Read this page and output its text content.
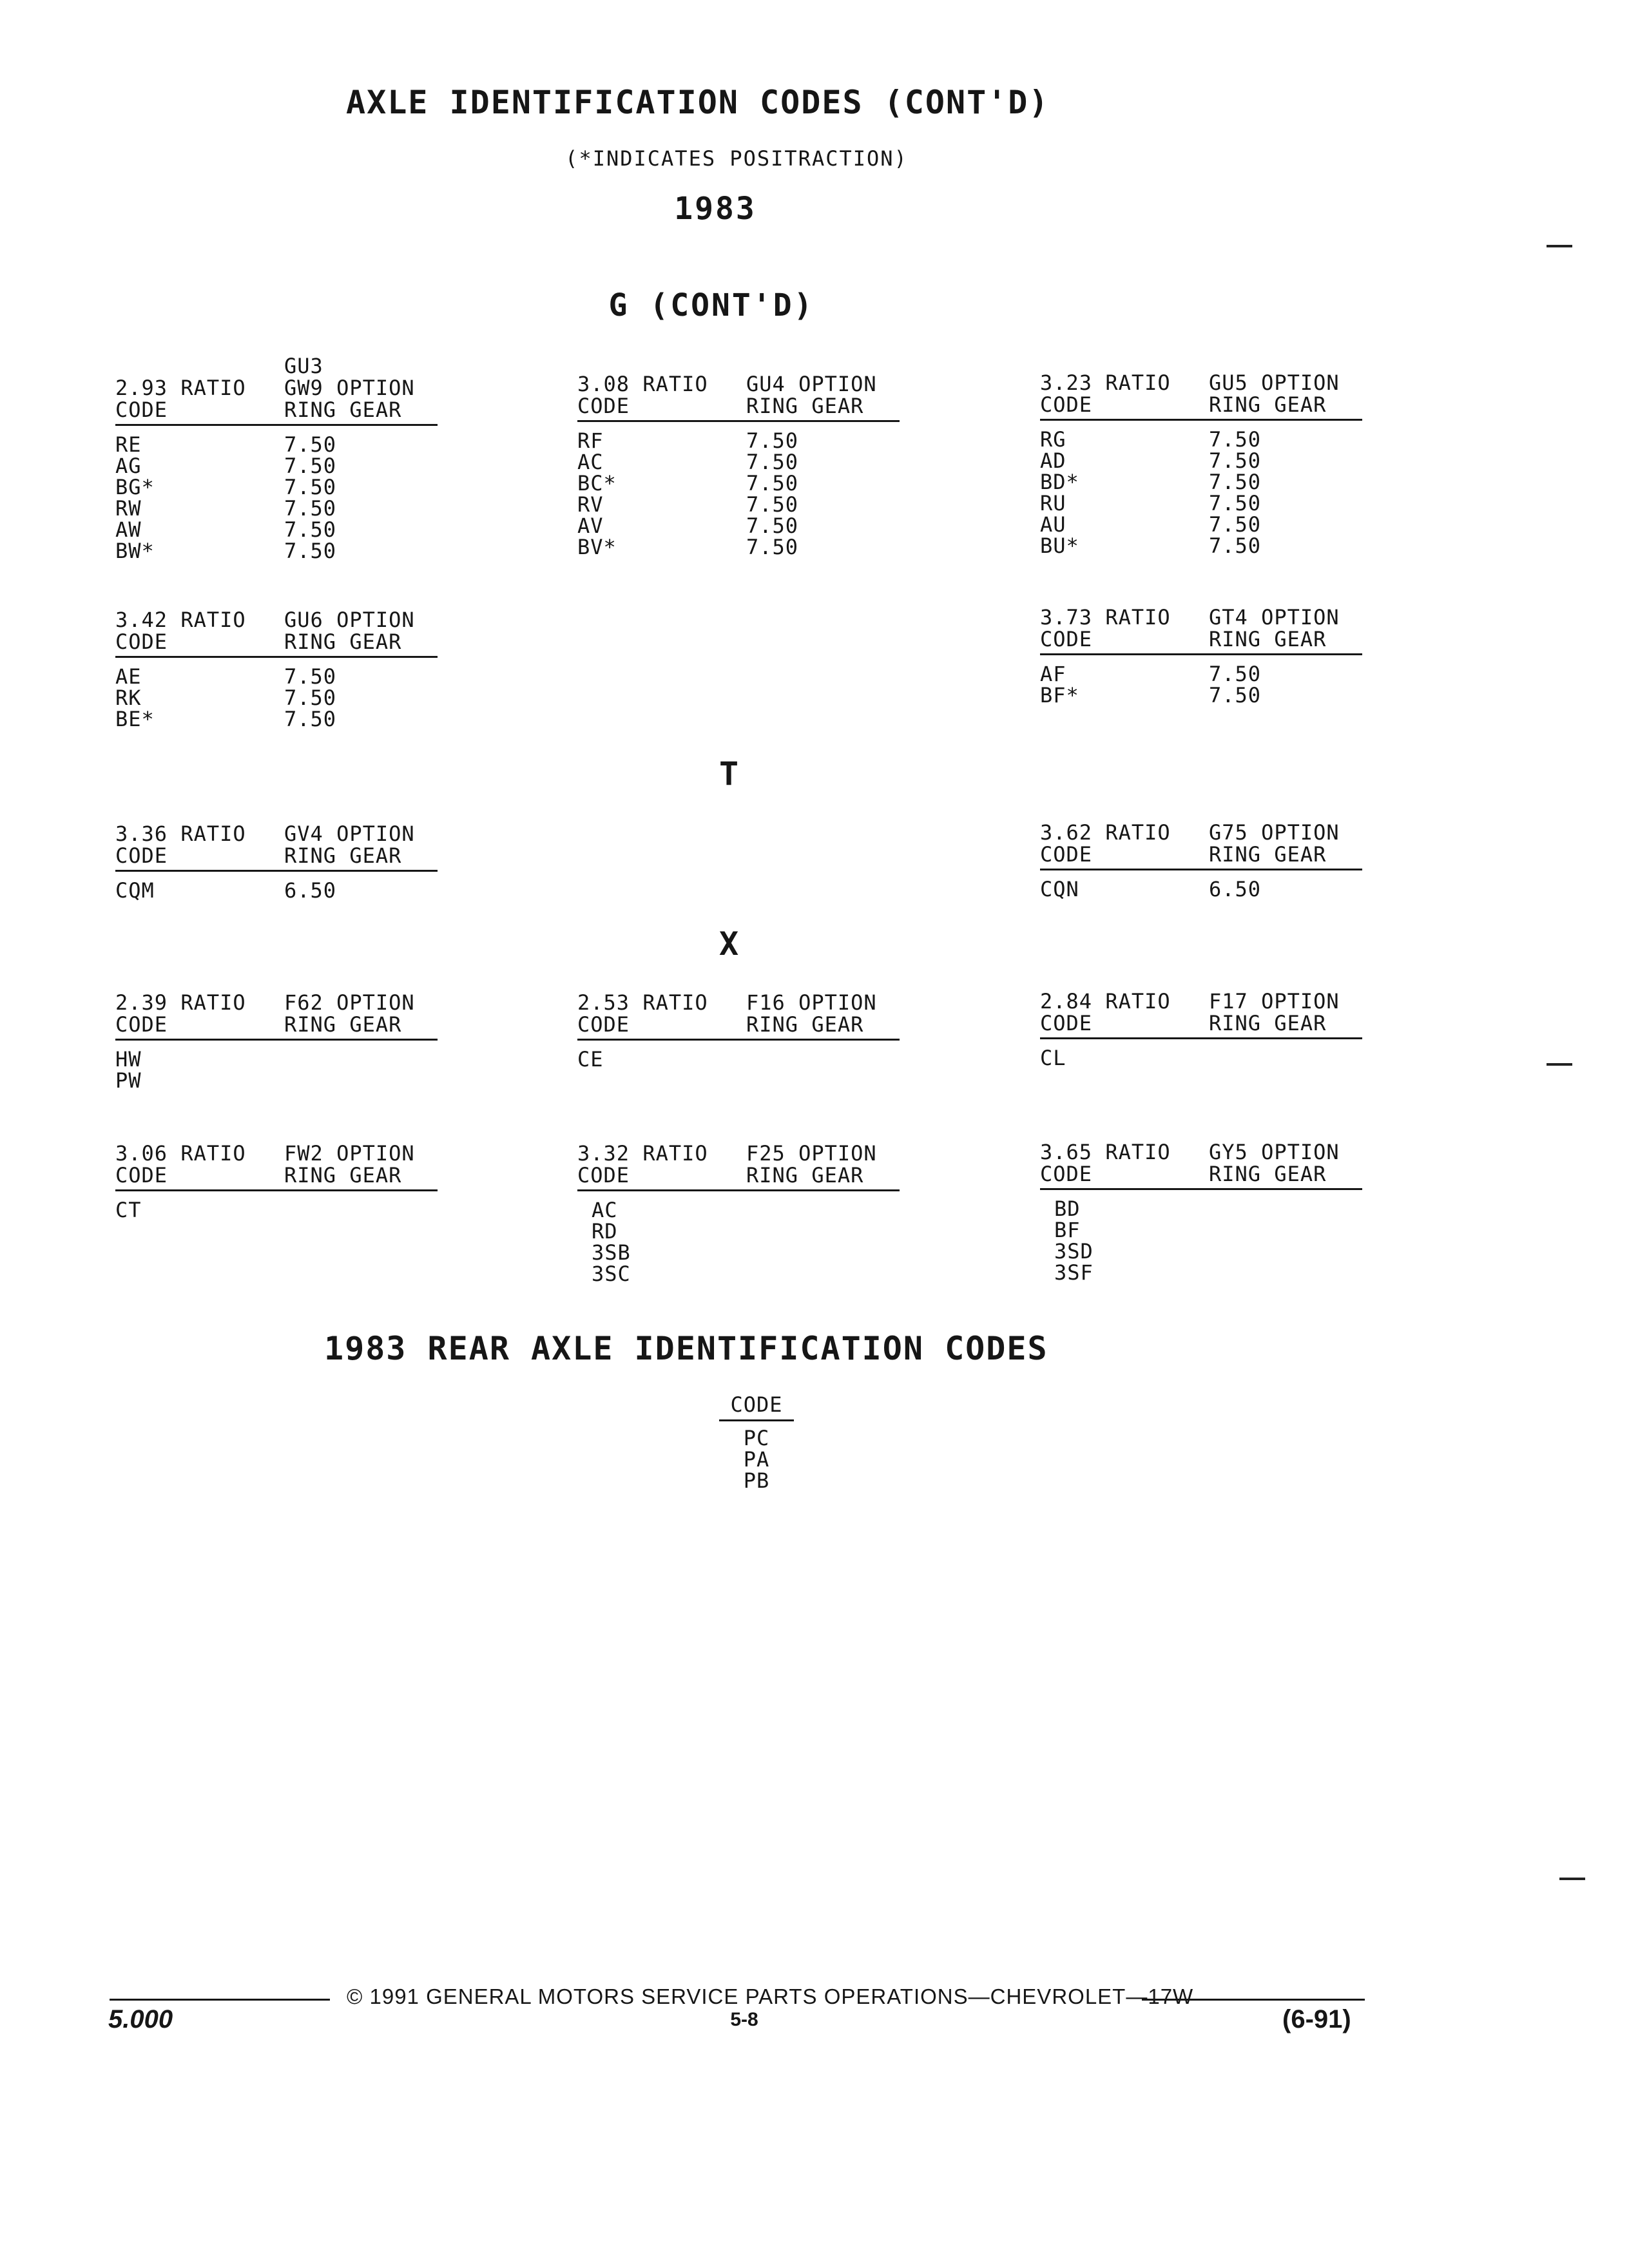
AXLE IDENTIFICATION CODES (CONT'D)
(*INDICATES POSITRACTION)
1983
G (CONT'D)
GU3
2.93 RATIO GW9 OPTION
CODE	RING GEAR
RE	7.50
AG	7.50
BG*	7.50
RW	7.50
AW	7.50
BW*	7.50
3.08 RATIO GU4 OPTION
CODE	RING GEAR
RF	7.50
AC	7.50
BC*	7.50
RV	7.50
AV	7.50
BV*	7.50
3.23 RATIO GU5 OPTION
CODE	RING GEAR
RG	7.50
AD	7.50
BD*	7.50
RU	7.50
AU	7.50
BU*	7.50
3.42 RATIO GU6 OPTION
CODE	RING GEAR
AE	7.50
RK	7.50
BE*	7.50
3.73 RATIO GT4 OPTION
CODE	RING GEAR
AF	7.50
BF*	7.50
T
3.36 RATIO GV4 OPTION
CODE	RING GEAR
CQM	6.50
3.62 RATIO G75 OPTION
CODE	RING GEAR
CQN	6.50
X
2.39 RATIO F62 OPTION
CODE	RING GEAR
HW
PW
2.53 RATIO F16 OPTION
CODE	RING GEAR
CE
2.84 RATIO F17 OPTION
CODE	RING GEAR
CL
3.06 RATIO FW2 OPTION
CODE	RING GEAR
CT
3.32 RATIO F25 OPTION
CODE	RING GEAR
AC
RD
3SB
3SC
3.65 RATIO GY5 OPTION
CODE	RING GEAR
BD
BF
3SD
3SF
1983 REAR AXLE IDENTIFICATION CODES
CODE
PC
PA
PB
© 1991 GENERAL MOTORS SERVICE PARTS OPERATIONS—CHEVROLET—17W
5.000	5-8	(6-91)
